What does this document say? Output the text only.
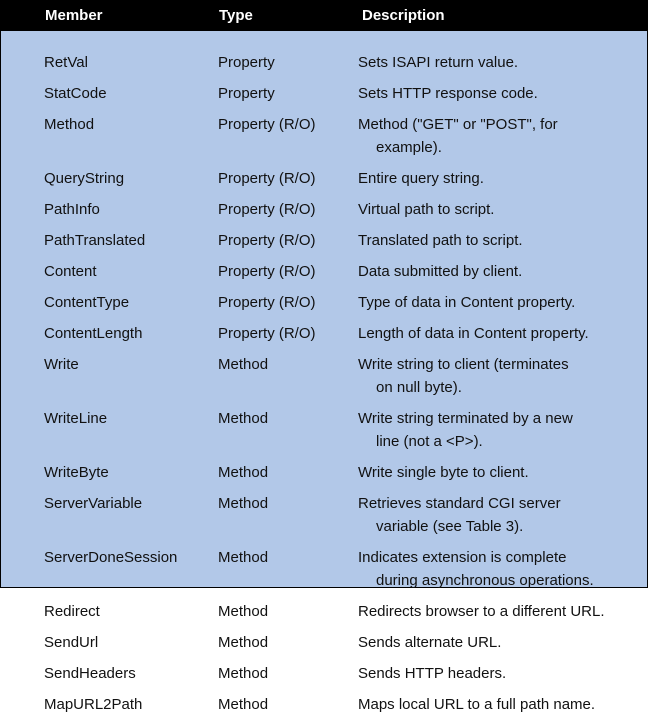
Member	Type	Description
RetVal	Property	Sets ISAPI return value.
StatCode	Property	Sets HTTP response code.
Method	Property (R/O)	Method ("GET" or "POST", for
example).
QueryString	Property (R/O)	Entire query string.
PathInfo	Property (R/O)	Virtual path to script.
PathTranslated	Property (R/O)	Translated path to script.
Content	Property (R/O)	Data submitted by client.
ContentType	Property (R/O)	Type of data in Content property.
ContentLength	Property (R/O)	Length of data in Content property.
Write	Method	Write string to client (terminates
on null byte).
WriteLine	Method	Write string terminated by a new
line (not a <P>).
WriteByte	Method	Write single byte to client.
ServerVariable	Method	Retrieves standard CGI server
variable (see Table 3).
ServerDoneSession	Method	Indicates extension is complete
during asynchronous operations.
Redirect	Method	Redirects browser to a different URL.
SendUrl	Method	Sends alternate URL.
SendHeaders	Method	Sends HTTP headers.
MapURL2Path	Method	Maps local URL to a full path name.
